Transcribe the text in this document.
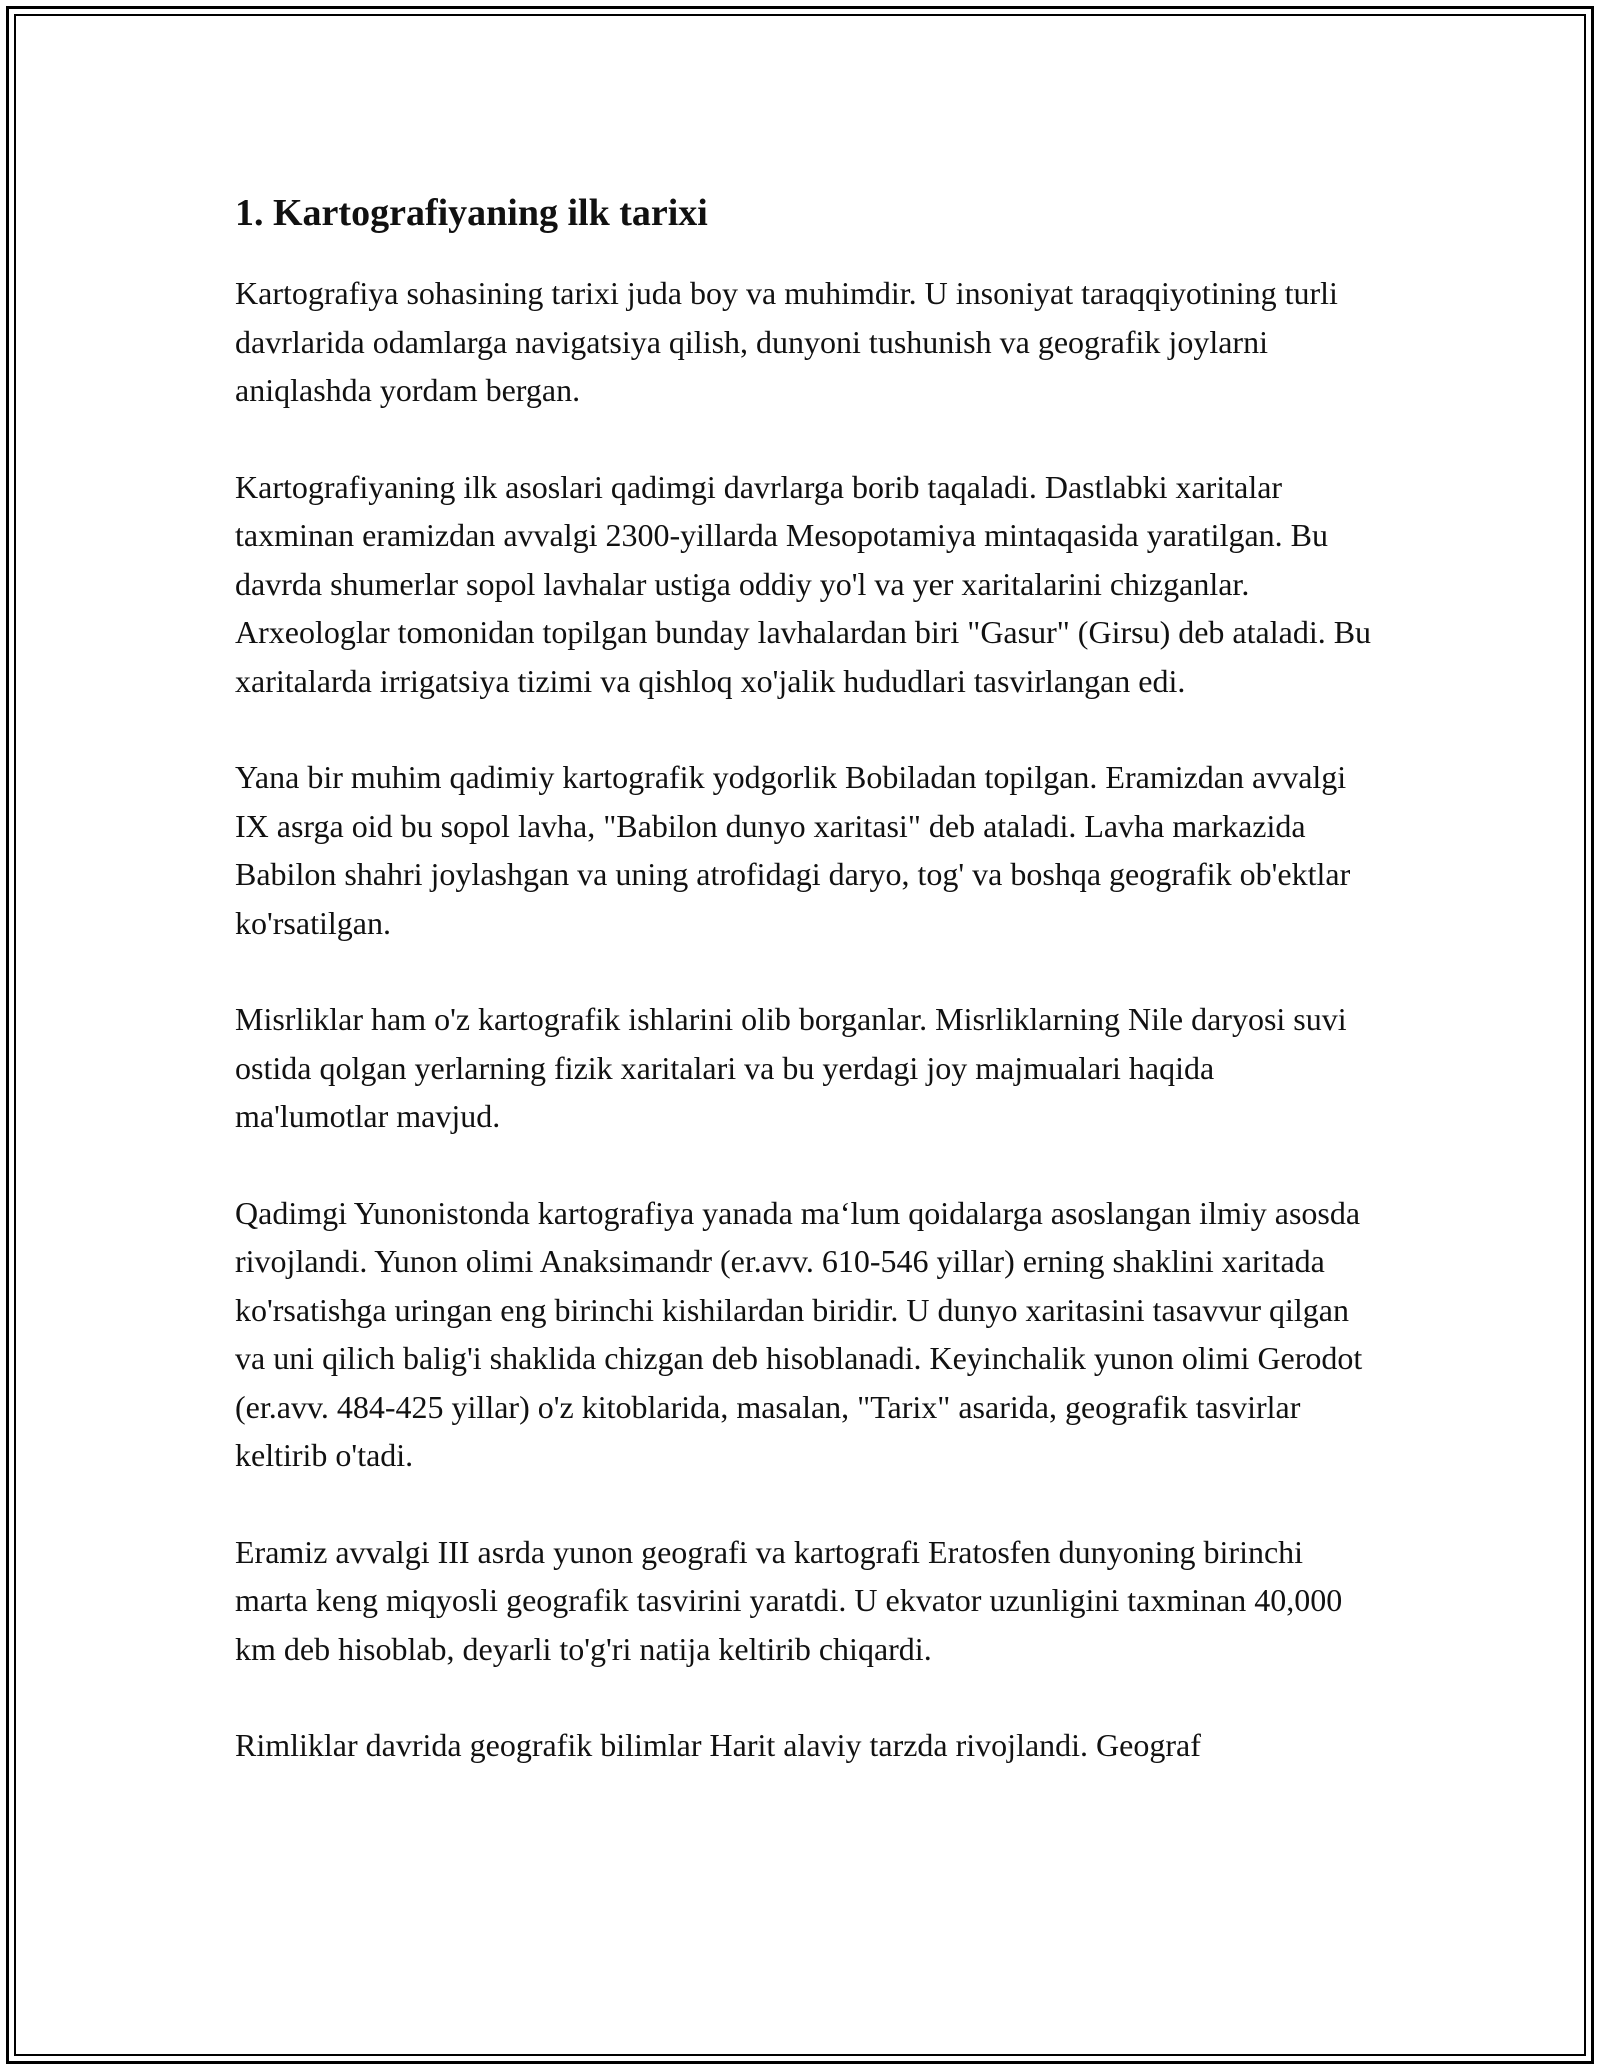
1. Kartografiyaning ilk tarixi

Kartografiya sohasining tarixi juda boy va muhimdir. U insoniyat taraqqiyotining turli davrlarida odamlarga navigatsiya qilish, dunyoni tushunish va geografik joylarni aniqlashda yordam bergan.

Kartografiyaning ilk asoslari qadimgi davrlarga borib taqaladi. Dastlabki xaritalar taxminan eramizdan avvalgi 2300-yillarda Mesopotamiya mintaqasida yaratilgan. Bu davrda shumerlar sopol lavhalar ustiga oddiy yo'l va yer xaritalarini chizganlar. Arxeologlar tomonidan topilgan bunday lavhalardan biri "Gasur" (Girsu) deb ataladi. Bu xaritalarda irrigatsiya tizimi va qishloq xo'jalik hududlari tasvirlangan edi.

Yana bir muhim qadimiy kartografik yodgorlik Bobiladan topilgan. Eramizdan avvalgi IX asrga oid bu sopol lavha, "Babilon dunyo xaritasi" deb ataladi. Lavha markazida Babilon shahri joylashgan va uning atrofidagi daryo, tog' va boshqa geografik ob'ektlar ko'rsatilgan.

Misrliklar ham o'z kartografik ishlarini olib borganlar. Misrliklarning Nile daryosi suvi ostida qolgan yerlarning fizik xaritalari va bu yerdagi joy majmualari haqida ma'lumotlar mavjud.

Qadimgi Yunonistonda kartografiya yanada ma‘lum qoidalarga asoslangan ilmiy asosda rivojlandi. Yunon olimi Anaksimandr (er.avv. 610-546 yillar) erning shaklini xaritada ko'rsatishga uringan eng birinchi kishilardan biridir. U dunyo xaritasini tasavvur qilgan va uni qilich balig'i shaklida chizgan deb hisoblanadi. Keyinchalik yunon olimi Gerodot (er.avv. 484-425 yillar) o'z kitoblarida, masalan, "Tarix" asarida, geografik tasvirlar keltirib o'tadi.

Eramiz avvalgi III asrda yunon geografi va kartografi Eratosfen dunyoning birinchi marta keng miqyosli geografik tasvirini yaratdi. U ekvator uzunligini taxminan 40,000 km deb hisoblab, deyarli to'g'ri natija keltirib chiqardi.

Rimliklar davrida geografik bilimlar Harit alaviy tarzda rivojlandi. Geograf
